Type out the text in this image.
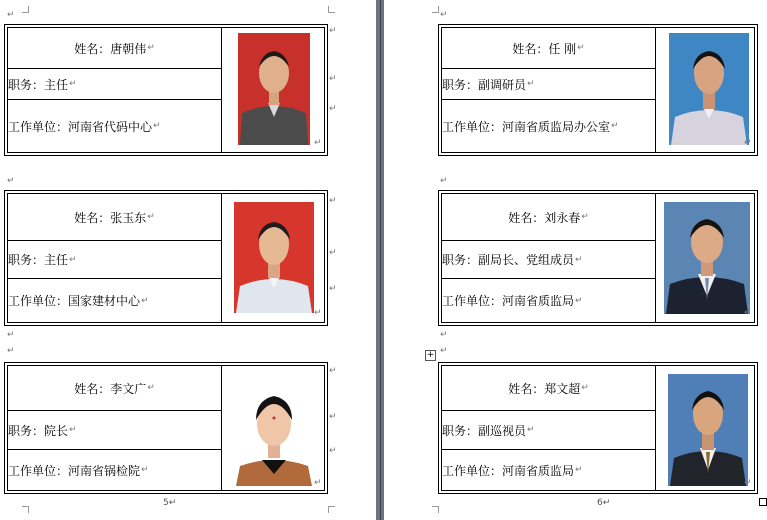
↵
姓名：唐朝伟 ↵
职务：主任 ↵
工作单位：河南省代码中心 ↵
↵
↵
↵
↵
↵
姓名：张玉东 ↵
职务：主任 ↵
工作单位：国家建材中心 ↵
↵
↵
↵
↵
↵
↵
姓名：李文广 ↵
职务：院长 ↵
工作单位：河南省锅检院 ↵
↵
↵
↵
↵
5↵
↵
姓名：任 刚 ↵
职务：副调研员 ↵
工作单位：河南省质监局办公室 ↵
↵
↵
姓名：刘永春 ↵
职务：副局长、党组成员 ↵
工作单位：河南省质监局 ↵
↵
↵
↵
姓名：郑文超 ↵
职务：副巡视员 ↵
工作单位：河南省质监局 ↵
↵
6↵
+
